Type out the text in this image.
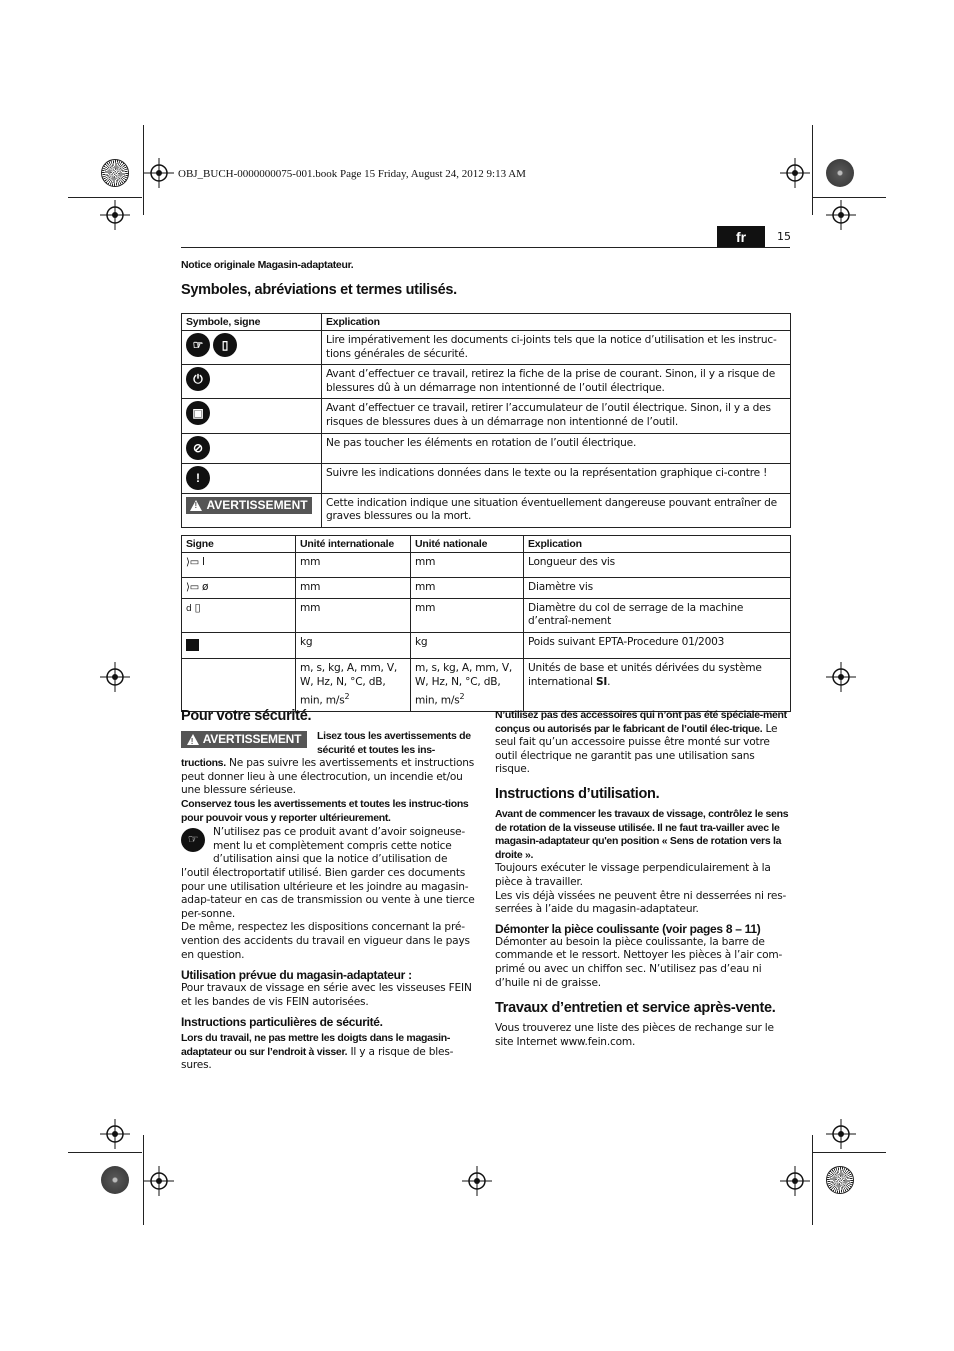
OBJ_BUCH-0000000075-001.book Page 15 Friday, August 24, 2012 9:13 AM
fr	15
Notice originale Magasin-adaptateur.
Symboles, abréviations et termes utilisés.
Symbole, signe	Explication
☞ ▯	Lire impérativement les documents ci-joints tels que la notice d’utilisation et les instruc-tions générales de sécurité.
⏻	Avant d’effectuer ce travail, retirez la fiche de la prise de courant. Sinon, il y a risque de blessures dû à un démarrage non intentionné de l’outil électrique.
▣	Avant d’effectuer ce travail, retirer l’accumulateur de l’outil électrique. Sinon, il y a des risques de blessures dues à un démarrage non intentionné de l’outil.
⊘	Ne pas toucher les éléments en rotation de l’outil électrique.
!	Suivre les indications données dans le texte ou la représentation graphique ci-contre !

!
AVERTISSEMENT	Cette indication indique une situation éventuellement dangereuse pouvant entraîner de graves blessures ou la mort.
Signe	Unité internationale	Unité nationale	Explication
⟩▭ l	mm	mm	Longueur des vis
⟩▭ ø	mm	mm	Diamètre vis
d ▯	mm	mm	Diamètre du col de serrage de la machine d’entraî-nement
	kg	kg	Poids suivant EPTA-Procedure 01/2003
	m, s, kg, A, mm, V, W, Hz, N, °C, dB, min, $m/s^2$	m, s, kg, A, mm, V, W, Hz, N, °C, dB, min, $m/s^2$	Unités de base et unités dérivées du système international SI.
Pour votre sécurité.
!
AVERTISSEMENT Lisez tous les avertissements de sécurité et toutes les ins-tructions. Ne pas suivre les avertissements et instructions peut donner lieu à une électrocution, un incendie et/ou une blessure sérieuse.
Conservez tous les avertissements et toutes les instruc-tions pour pouvoir vous y reporter ultérieurement.
☞
N’utilisez pas ce produit avant d’avoir soigneuse-ment lu et complètement compris cette notice d’utilisation ainsi que la notice d’utilisation de l’outil électroportatif utilisé. Bien garder ces documents pour une utilisation ultérieure et les joindre au magasin-adap-tateur en cas de transmission ou vente à une tierce per-sonne.
De même, respectez les dispositions concernant la pré-vention des accidents du travail en vigueur dans le pays en question.
Utilisation prévue du magasin-adaptateur :
Pour travaux de vissage en série avec les visseuses FEIN et les bandes de vis FEIN autorisées.
Instructions particulières de sécurité.
Lors du travail, ne pas mettre les doigts dans le magasin-adaptateur ou sur l’endroit à visser. Il y a risque de bles-sures.
N’utilisez pas des accessoires qui n’ont pas été spéciale-ment conçus ou autorisés par le fabricant de l’outil élec-trique. Le seul fait qu’un accessoire puisse être monté sur votre outil électrique ne garantit pas une utilisation sans risque.
Instructions d’utilisation.
Avant de commencer les travaux de vissage, contrôlez le sens de rotation de la visseuse utilisée. Il ne faut tra-vailler avec le magasin-adaptateur qu'en position « Sens de rotation vers la droite ».
Toujours exécuter le vissage perpendiculairement à la pièce à travailler.
Les vis déjà vissées ne peuvent être ni desserrées ni res-serrées à l’aide du magasin-adaptateur.
Démonter la pièce coulissante (voir pages 8 – 11)
Démonter au besoin la pièce coulissante, la barre de commande et le ressort. Nettoyer les pièces à l’air com-primé ou avec un chiffon sec. N’utilisez pas d’eau ni d’huile ni de graisse.
Travaux d’entretien et service après-vente.
Vous trouverez une liste des pièces de rechange sur le site Internet www.fein.com.
